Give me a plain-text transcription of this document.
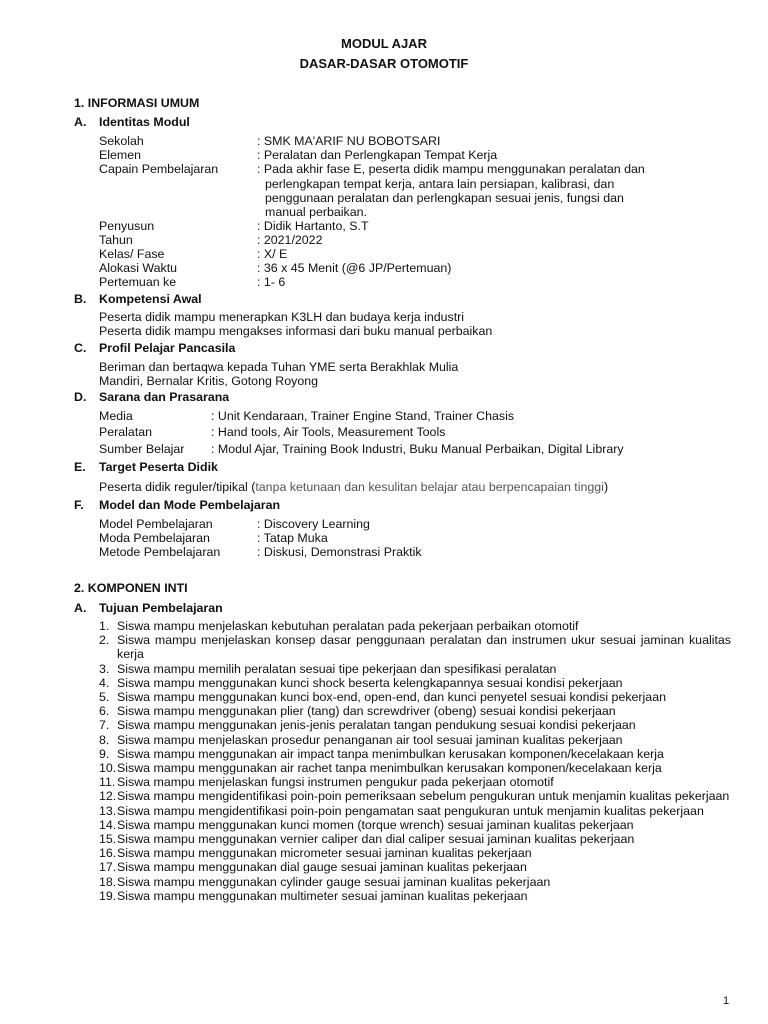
MODUL AJAR
DASAR-DASAR OTOMOTIF
1. INFORMASI UMUM
A. Identitas Modul
Sekolah	: SMK MA'ARIF NU BOBOTSARI
Elemen	: Peralatan dan Perlengkapan Tempat Kerja
Capain Pembelajaran	: Pada akhir fase E, peserta didik mampu menggunakan peralatan dan
perlengkapan tempat kerja, antara lain persiapan, kalibrasi, dan
penggunaan peralatan dan perlengkapan sesuai jenis, fungsi dan
manual perbaikan.
Penyusun	: Didik Hartanto, S.T
Tahun	: 2021/2022
Kelas/ Fase	: X/ E
Alokasi Waktu	: 36 x 45 Menit (@6 JP/Pertemuan)
Pertemuan ke	: 1- 6
B. Kompetensi Awal
Peserta didik mampu menerapkan K3LH dan budaya kerja industri
Peserta didik mampu mengakses informasi dari buku manual perbaikan
C. Profil Pelajar Pancasila
Beriman dan bertaqwa kepada Tuhan YME serta Berakhlak Mulia
Mandiri, Bernalar Kritis, Gotong Royong
D. Sarana dan Prasarana
Media	: Unit Kendaraan, Trainer Engine Stand, Trainer Chasis
Peralatan	: Hand tools, Air Tools, Measurement Tools
Sumber Belajar : Modul Ajar, Training Book Industri, Buku Manual Perbaikan, Digital Library
E. Target Peserta Didik
Peserta didik reguler/tipikal (tanpa ketunaan dan kesulitan belajar atau berpencapaian tinggi)
F. Model dan Mode Pembelajaran
Model Pembelajaran	: Discovery Learning
Moda Pembelajaran	: Tatap Muka
Metode Pembelajaran	: Diskusi, Demonstrasi Praktik
2. KOMPONEN INTI
A. Tujuan Pembelajaran
1. Siswa mampu menjelaskan kebutuhan peralatan pada pekerjaan perbaikan otomotif
2. Siswa mampu menjelaskan konsep dasar penggunaan peralatan dan instrumen ukur sesuai jaminan kualitas kerja
3. Siswa mampu memilih peralatan sesuai tipe pekerjaan dan spesifikasi peralatan
4. Siswa mampu menggunakan kunci shock beserta kelengkapannya sesuai kondisi pekerjaan
5. Siswa mampu menggunakan kunci box-end, open-end, dan kunci penyetel sesuai kondisi pekerjaan
6. Siswa mampu menggunakan plier (tang) dan screwdriver (obeng) sesuai kondisi pekerjaan
7. Siswa mampu menggunakan jenis-jenis peralatan tangan pendukung sesuai kondisi pekerjaan
8. Siswa mampu menjelaskan prosedur penanganan air tool sesuai jaminan kualitas pekerjaan
9. Siswa mampu menggunakan air impact tanpa menimbulkan kerusakan komponen/kecelakaan kerja
10. Siswa mampu menggunakan air rachet tanpa menimbulkan kerusakan komponen/kecelakaan kerja
11. Siswa mampu menjelaskan fungsi instrumen pengukur pada pekerjaan otomotif
12. Siswa mampu mengidentifikasi poin-poin pemeriksaan sebelum pengukuran untuk menjamin kualitas pekerjaan
13. Siswa mampu mengidentifikasi poin-poin pengamatan saat pengukuran untuk menjamin kualitas pekerjaan
14. Siswa mampu menggunakan kunci momen (torque wrench) sesuai jaminan kualitas pekerjaan
15. Siswa mampu menggunakan vernier caliper dan dial caliper sesuai jaminan kualitas pekerjaan
16. Siswa mampu menggunakan micrometer sesuai jaminan kualitas pekerjaan
17. Siswa mampu menggunakan dial gauge sesuai jaminan kualitas pekerjaan
18. Siswa mampu menggunakan cylinder gauge sesuai jaminan kualitas pekerjaan
19. Siswa mampu menggunakan multimeter sesuai jaminan kualitas pekerjaan
1
